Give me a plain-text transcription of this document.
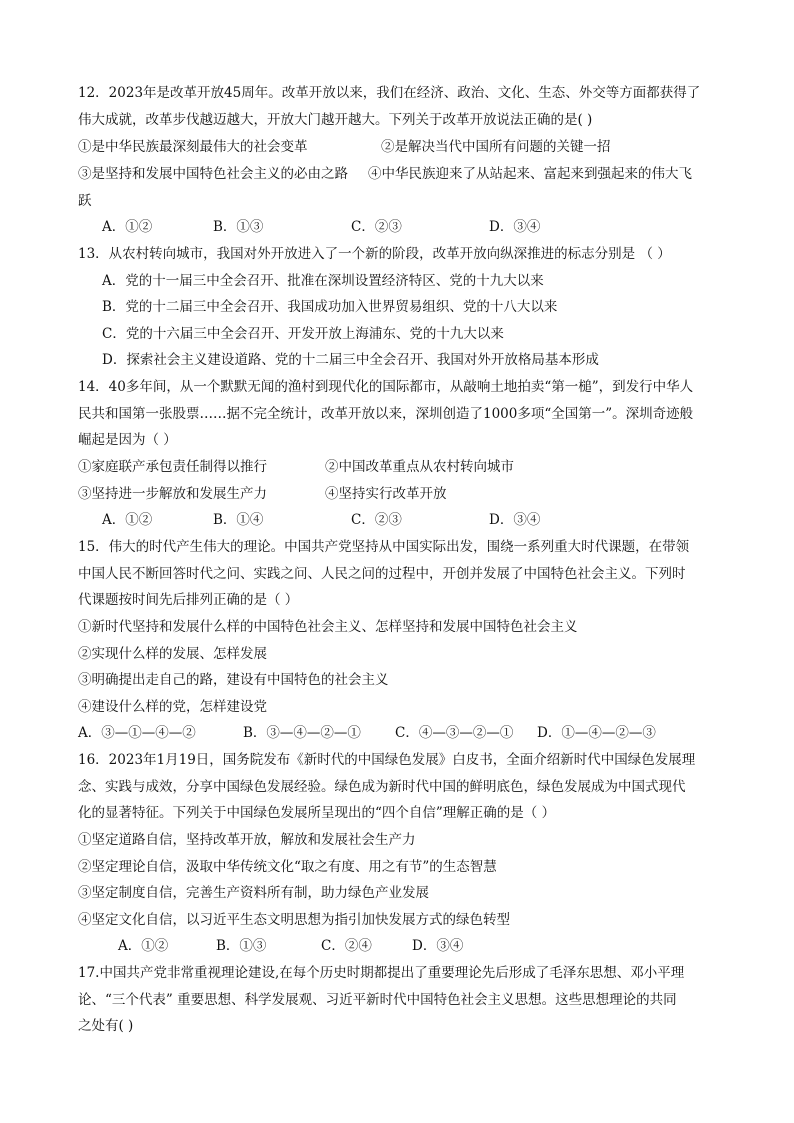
12．2023年是改革开放45周年。改革开放以来，我们在经济、政治、文化、生态、外交等方面都获得了
伟大成就，改革步伐越迈越大，开放大门越开越大。下列关于改革开放说法正确的是( )
①是中华民族最深刻最伟大的社会变革	②是解决当代中国所有问题的关键一招
③是坚持和发展中国特色社会主义的必由之路 ④中华民族迎来了从站起来、富起来到强起来的伟大飞
跃
A．①②	B．①③	C．②③	D．③④
13．从农村转向城市，我国对外开放进入了一个新的阶段，改革开放向纵深推进的标志分别是 （ ）
A．党的十一届三中全会召开、批准在深圳设置经济特区、党的十九大以来
B．党的十二届三中全会召开、我国成功加入世界贸易组织、党的十八大以来
C．党的十六届三中全会召开、开发开放上海浦东、党的十九大以来
D．探索社会主义建设道路、党的十二届三中全会召开、我国对外开放格局基本形成
14．40多年间，从一个默默无闻的渔村到现代化的国际都市，从敲响土地拍卖“第一槌”，到发行中华人
民共和国第一张股票……据不完全统计，改革开放以来，深圳创造了1000多项“全国第一”。深圳奇迹般
崛起是因为（ ）
①家庭联产承包责任制得以推行	②中国改革重点从农村转向城市
③坚持进一步解放和发展生产力	④坚持实行改革开放
A．①②	B．①④	C．②③	D．③④
15．伟大的时代产生伟大的理论。中国共产党坚持从中国实际出发，围绕一系列重大时代课题，在带领
中国人民不断回答时代之问、实践之问、人民之问的过程中，开创并发展了中国特色社会主义。下列时
代课题按时间先后排列正确的是（ ）
①新时代坚持和发展什么样的中国特色社会主义、怎样坚持和发展中国特色社会主义
②实现什么样的发展、怎样发展
③明确提出走自己的路，建设有中国特色的社会主义
④建设什么样的党，怎样建设党
A．③—①—④—②	B．③—④—②—①	C．④—③—②—①	D．①—④—②—③
16．2023年1月19日，国务院发布《新时代的中国绿色发展》白皮书，全面介绍新时代中国绿色发展理
念、实践与成效，分享中国绿色发展经验。绿色成为新时代中国的鲜明底色，绿色发展成为中国式现代
化的显著特征。下列关于中国绿色发展所呈现出的“四个自信”理解正确的是（ ）
①坚定道路自信，坚持改革开放，解放和发展社会生产力
②坚定理论自信，汲取中华传统文化“取之有度、用之有节”的生态智慧
③坚定制度自信，完善生产资料所有制，助力绿色产业发展
④坚定文化自信，以习近平生态文明思想为指引加快发展方式的绿色转型
A．①②	B．①③	C．②④	D．③④
17.中国共产党非常重视理论建设,在每个历史时期都提出了重要理论先后形成了毛泽东思想、邓小平理
论、“三个代表” 重要思想、科学发展观、习近平新时代中国特色社会主义思想。这些思想理论的共同
之处有( )
